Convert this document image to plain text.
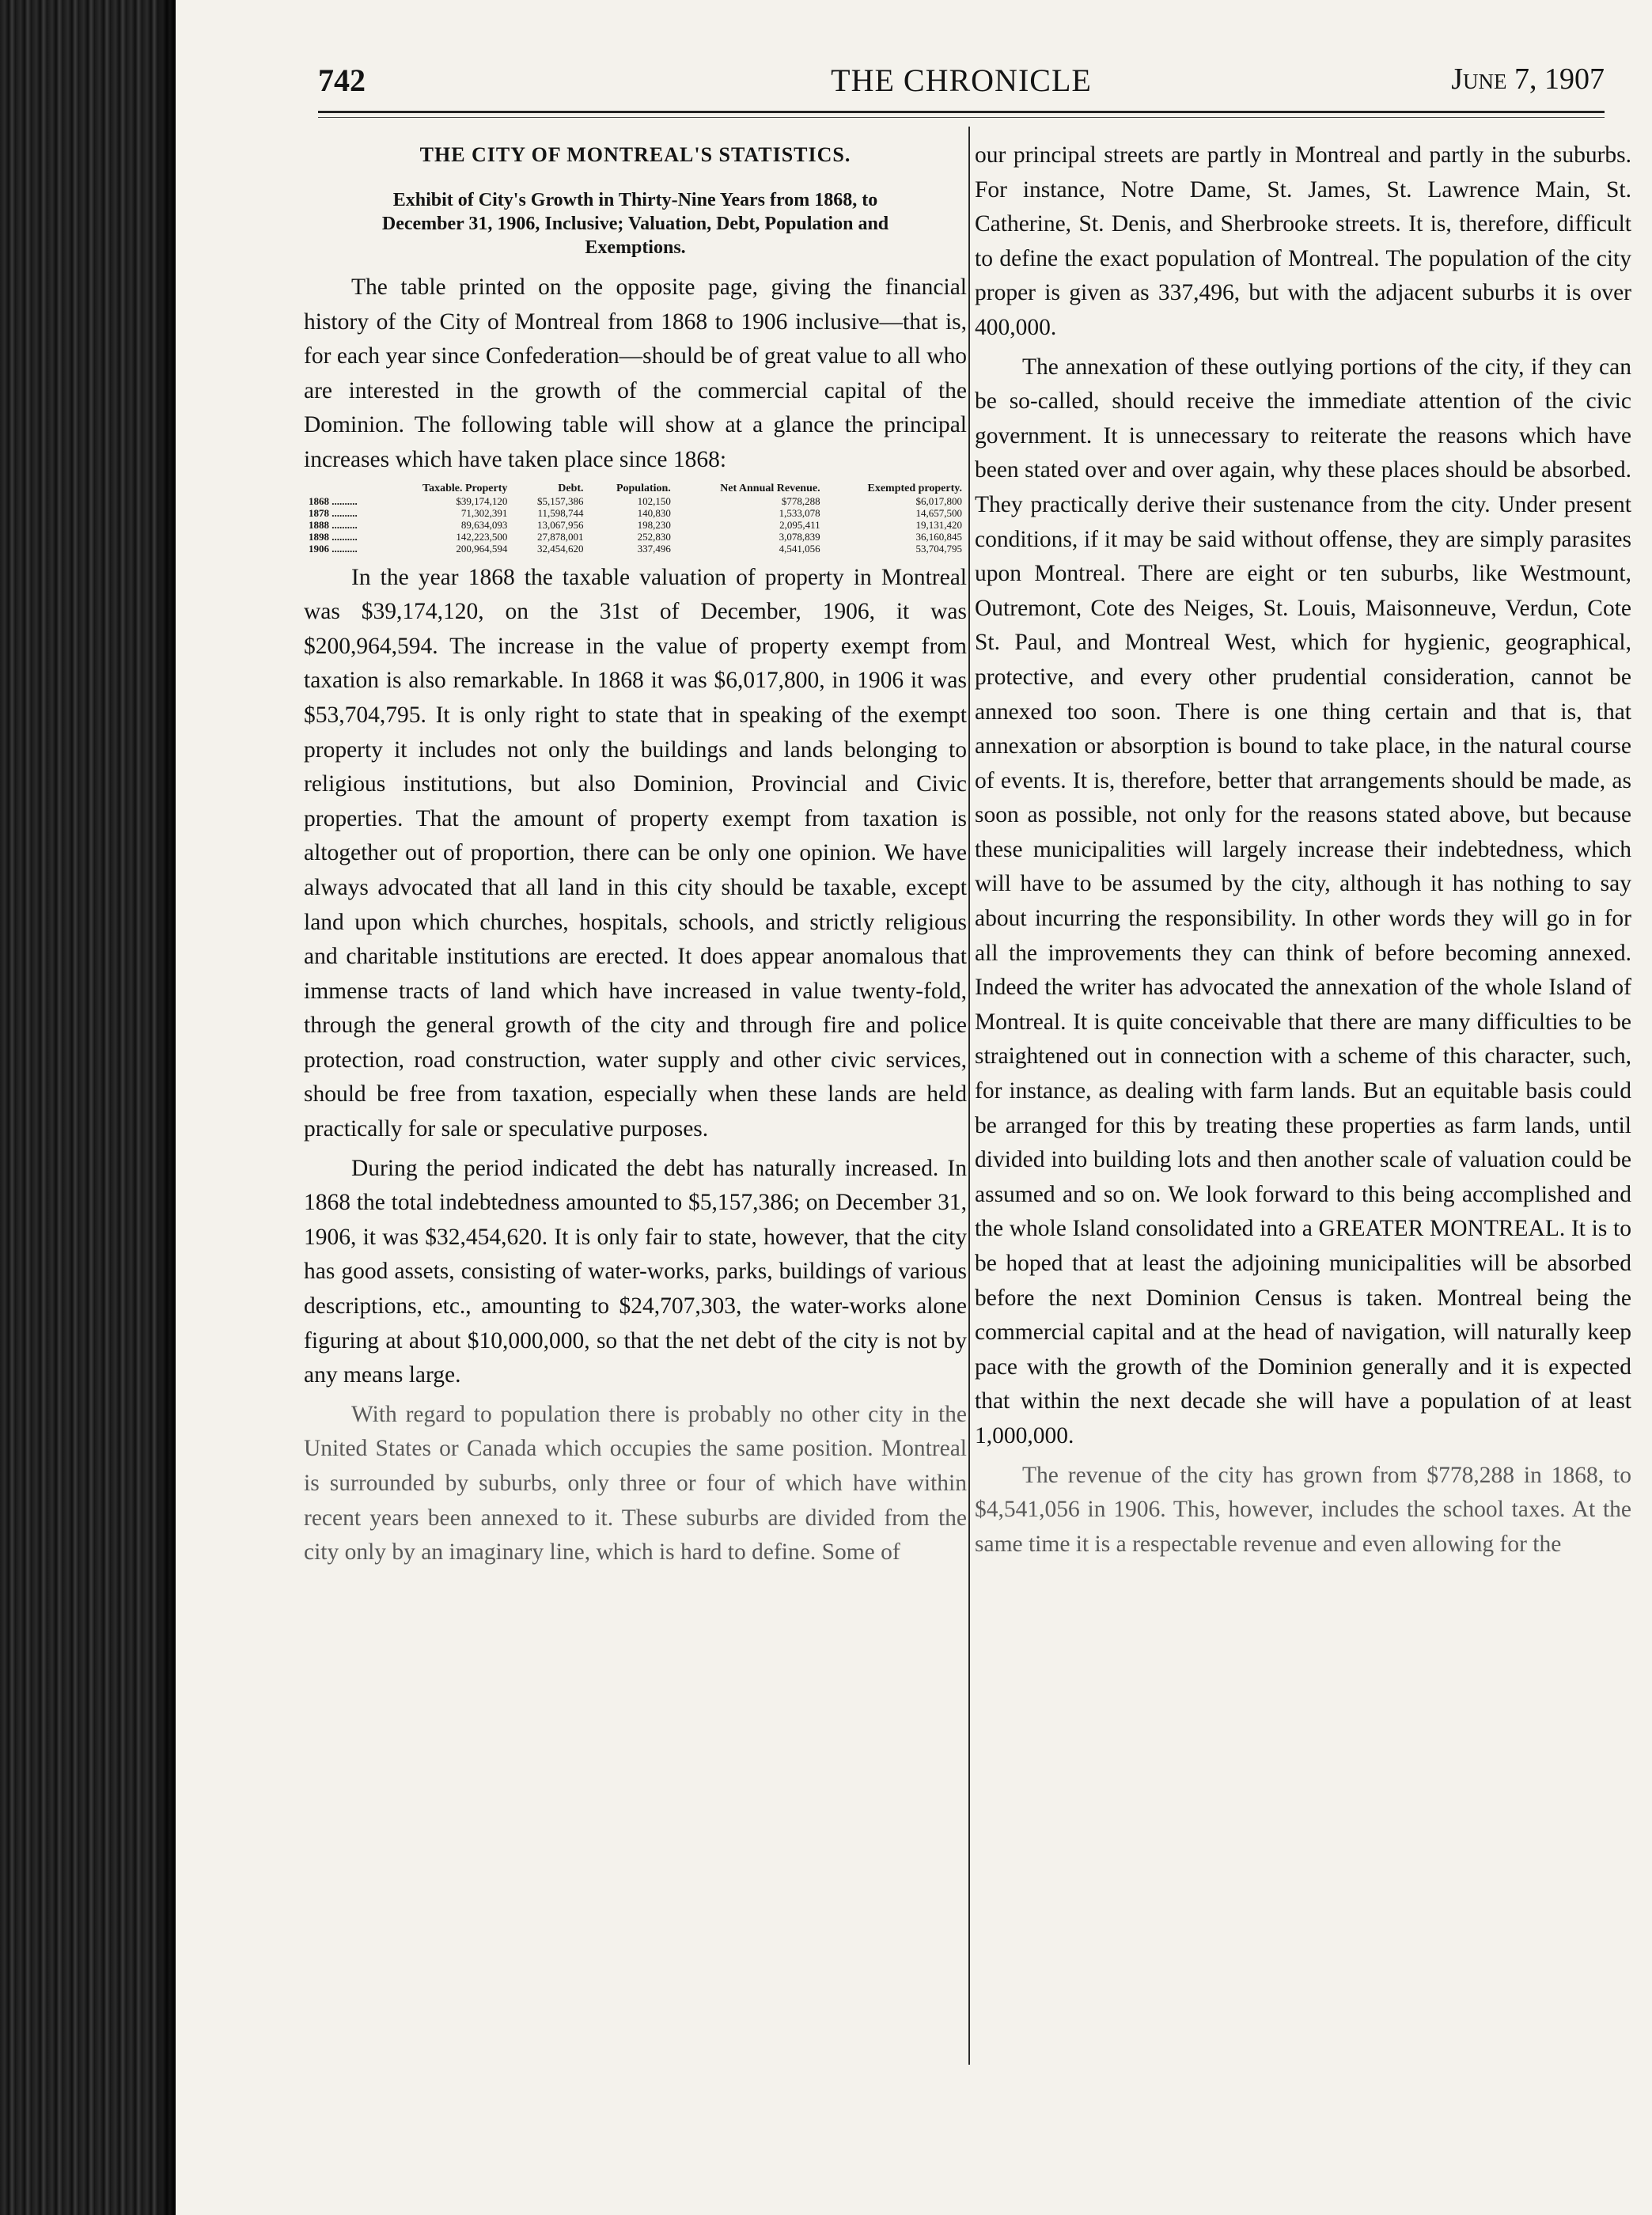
742	THE CHRONICLE	June 7, 1907
THE CITY OF MONTREAL'S STATISTICS.
Exhibit of City's Growth in Thirty-Nine Years from 1868, to December 31, 1906, Inclusive; Valuation, Debt, Population and Exemptions.

The table printed on the opposite page, giving the financial history of the City of Montreal from 1868 to 1906 inclusive—that is, for each year since Confederation—should be of great value to all who are interested in the growth of the commercial capital of the Dominion. The following table will show at a glance the principal increases which have taken place since 1868:

	Taxable. Property	Debt.	Population.	Net Annual Revenue.	Exempted property.
1868 ..........	$39,174,120	$5,157,386	102,150	$778,288	$6,017,800
1878 ..........	71,302,391	11,598,744	140,830	1,533,078	14,657,500
1888 ..........	89,634,093	13,067,956	198,230	2,095,411	19,131,420
1898 ..........	142,223,500	27,878,001	252,830	3,078,839	36,160,845
1906 ..........	200,964,594	32,454,620	337,496	4,541,056	53,704,795

In the year 1868 the taxable valuation of property in Montreal was $39,174,120, on the 31st of December, 1906, it was $200,964,594. The increase in the value of property exempt from taxation is also remarkable. In 1868 it was $6,017,800, in 1906 it was $53,704,795. It is only right to state that in speaking of the exempt property it includes not only the buildings and lands belonging to religious institutions, but also Dominion, Provincial and Civic properties. That the amount of property exempt from taxation is altogether out of proportion, there can be only one opinion. We have always advocated that all land in this city should be taxable, except land upon which churches, hospitals, schools, and strictly religious and charitable institutions are erected. It does appear anomalous that immense tracts of land which have increased in value twenty-fold, through the general growth of the city and through fire and police protection, road construction, water supply and other civic services, should be free from taxation, especially when these lands are held practically for sale or speculative purposes.

During the period indicated the debt has naturally increased. In 1868 the total indebtedness amounted to $5,157,386; on December 31, 1906, it was $32,454,620. It is only fair to state, however, that the city has good assets, consisting of water-works, parks, buildings of various descriptions, etc., amounting to $24,707,303, the water-works alone figuring at about $10,000,000, so that the net debt of the city is not by any means large.

With regard to population there is probably no other city in the United States or Canada which occupies the same position. Montreal is surrounded by suburbs, only three or four of which have within recent years been annexed to it. These suburbs are divided from the city only by an imaginary line, which is hard to define. Some of

our principal streets are partly in Montreal and partly in the suburbs. For instance, Notre Dame, St. James, St. Lawrence Main, St. Catherine, St. Denis, and Sherbrooke streets. It is, therefore, difficult to define the exact population of Montreal. The population of the city proper is given as 337,496, but with the adjacent suburbs it is over 400,000.

The annexation of these outlying portions of the city, if they can be so-called, should receive the immediate attention of the civic government. It is unnecessary to reiterate the reasons which have been stated over and over again, why these places should be absorbed. They practically derive their sustenance from the city. Under present conditions, if it may be said without offense, they are simply parasites upon Montreal. There are eight or ten suburbs, like Westmount, Outremont, Cote des Neiges, St. Louis, Maisonneuve, Verdun, Cote St. Paul, and Montreal West, which for hygienic, geographical, protective, and every other prudential consideration, cannot be annexed too soon. There is one thing certain and that is, that annexation or absorption is bound to take place, in the natural course of events. It is, therefore, better that arrangements should be made, as soon as possible, not only for the reasons stated above, but because these municipalities will largely increase their indebtedness, which will have to be assumed by the city, although it has nothing to say about incurring the responsibility. In other words they will go in for all the improvements they can think of before becoming annexed. Indeed the writer has advocated the annexation of the whole Island of Montreal. It is quite conceivable that there are many difficulties to be straightened out in connection with a scheme of this character, such, for instance, as dealing with farm lands. But an equitable basis could be arranged for this by treating these properties as farm lands, until divided into building lots and then another scale of valuation could be assumed and so on. We look forward to this being accomplished and the whole Island consolidated into a GREATER MONTREAL. It is to be hoped that at least the adjoining municipalities will be absorbed before the next Dominion Census is taken. Montreal being the commercial capital and at the head of navigation, will naturally keep pace with the growth of the Dominion generally and it is expected that within the next decade she will have a population of at least 1,000,000.

The revenue of the city has grown from $778,288 in 1868, to $4,541,056 in 1906. This, however, includes the school taxes. At the same time it is a respectable revenue and even allowing for the
